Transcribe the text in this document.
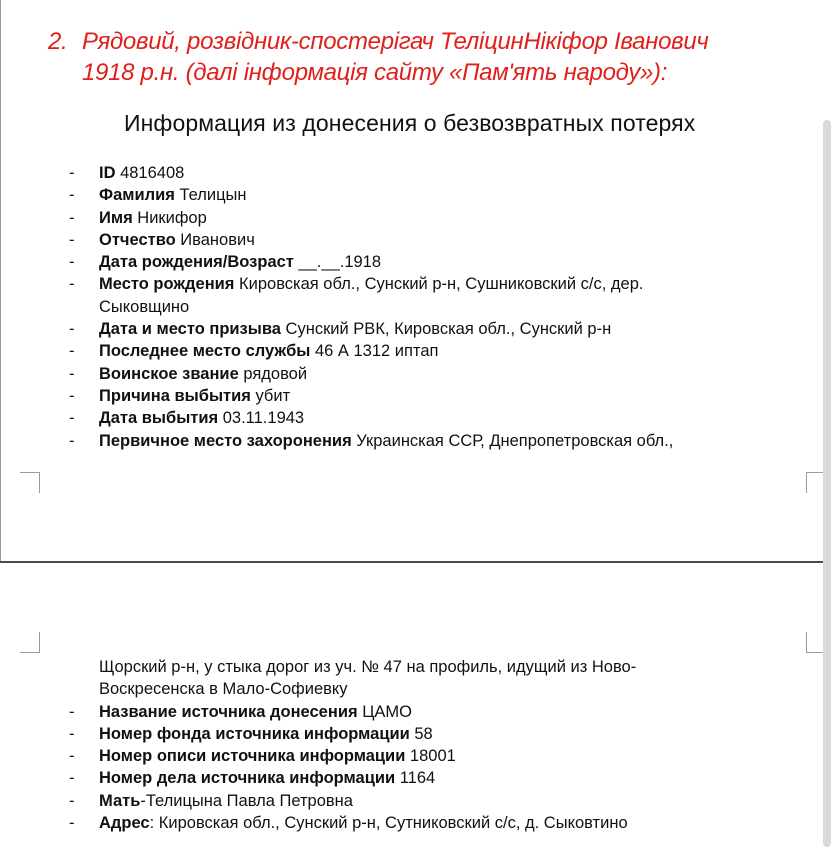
2. Рядовий, розвідник-спостерігач ТеліцинНікіфор Іванович
1918 р.н. (далі інформація сайту «Пам'ять народу»):
Информация из донесения о безвозвратных потерях
- ID 4816408
- Фамилия Телицын
- Имя Никифор
- Отчество Иванович
- Дата рождения/Возраст __.__.1918
- Место рождения Кировская обл., Сунский р-н, Сушниковский с/с, дер.
Сыковщино
- Дата и место призыва Сунский РВК, Кировская обл., Сунский р-н
- Последнее место службы 46 А 1312 иптап
- Воинское звание рядовой
- Причина выбытия убит
- Дата выбытия 03.11.1943
- Первичное место захоронения Украинская ССР, Днепропетровская обл.,
Щорский р-н, у стыка дорог из уч. № 47 на профиль, идущий из Ново-
Воскресенска в Мало-Софиевку
- Название источника донесения ЦАМО
- Номер фонда источника информации 58
- Номер описи источника информации 18001
- Номер дела источника информации 1164
- Мать-Телицына Павла Петровна
- Адрес: Кировская обл., Сунский р-н, Сутниковский с/с, д. Сыковтино
